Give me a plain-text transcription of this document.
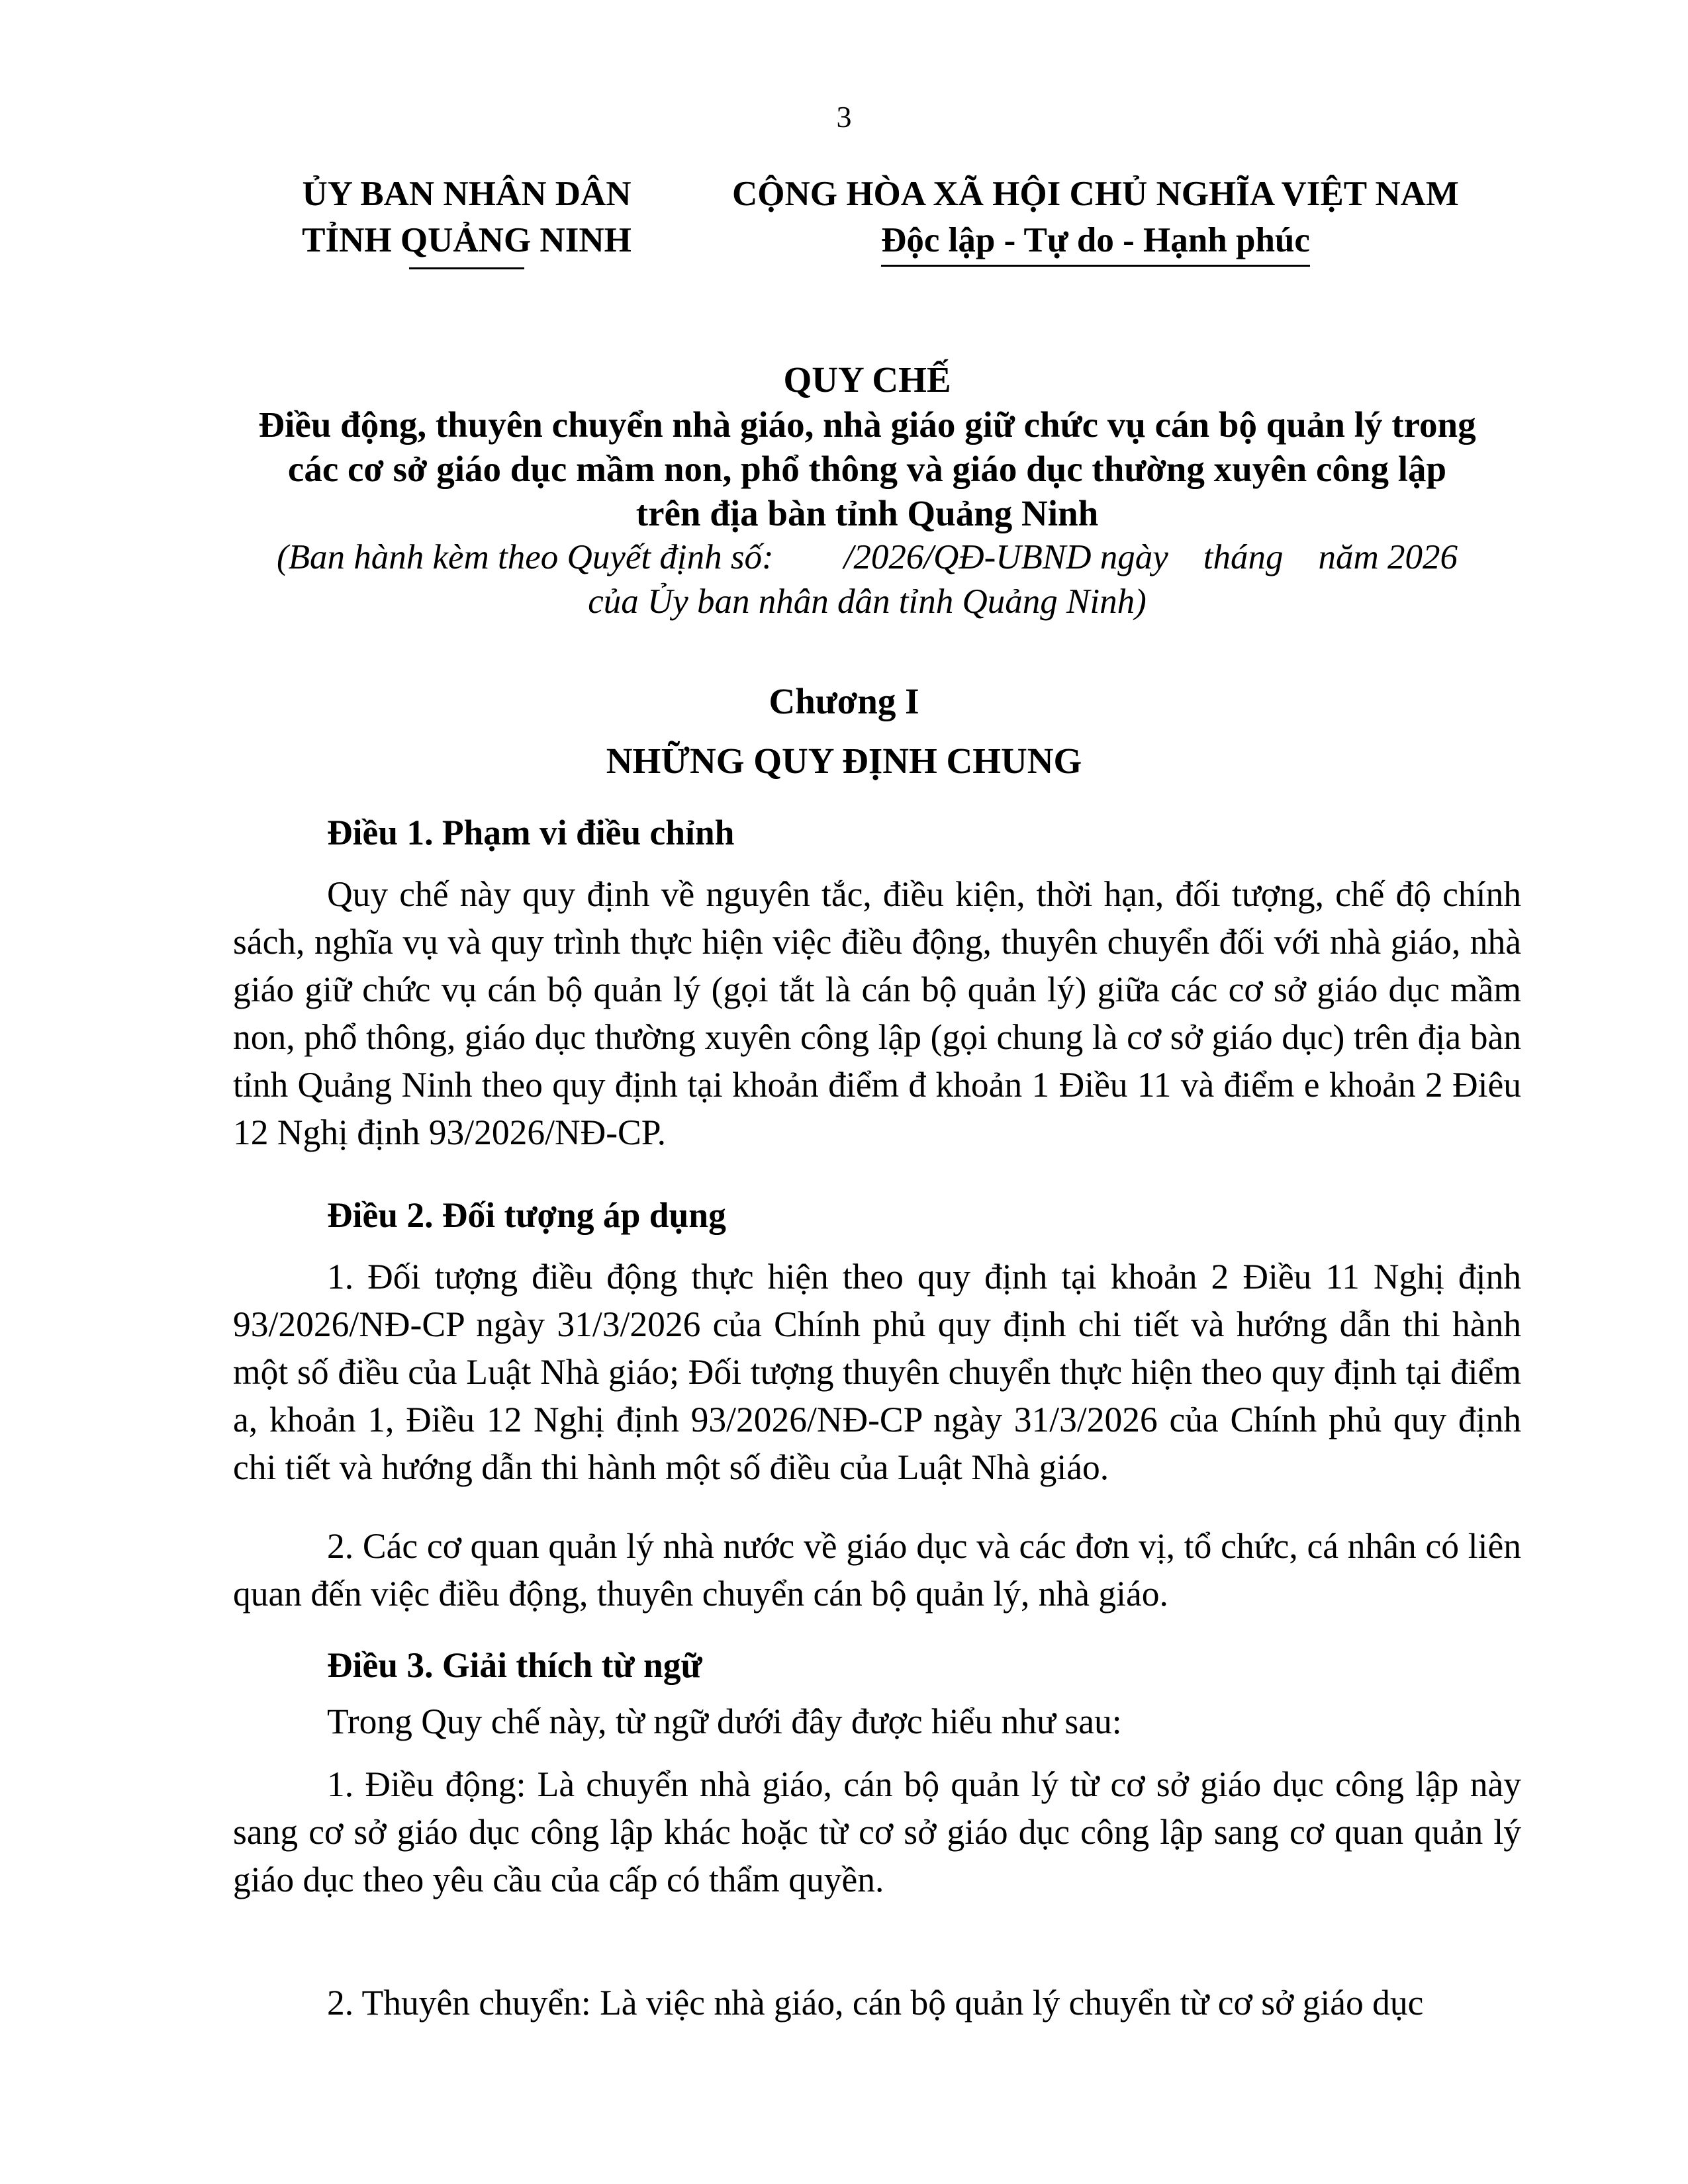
3
ỦY BAN NHÂN DÂN
TỈNH QUẢNG NINH
CỘNG HÒA XÃ HỘI CHỦ NGHĨA VIỆT NAM
Độc lập - Tự do - Hạnh phúc
QUY CHẾ

Điều động, thuyên chuyển nhà giáo, nhà giáo giữ chức vụ cán bộ quản lý trong

các cơ sở giáo dục mầm non, phổ thông và giáo dục thường xuyên công lập

trên địa bàn tỉnh Quảng Ninh

(Ban hành kèm theo Quyết định số:        /2026/QĐ-UBND ngày    tháng    năm 2026

của Ủy ban nhân dân tỉnh Quảng Ninh)

Chương I
NHỮNG QUY ĐỊNH CHUNG

Điều 1. Phạm vi điều chỉnh

Quy chế này quy định về nguyên tắc, điều kiện, thời hạn, đối tượng, chế độ chính sách, nghĩa vụ và quy trình thực hiện việc điều động, thuyên chuyển đối với nhà giáo, nhà giáo giữ chức vụ cán bộ quản lý (gọi tắt là cán bộ quản lý) giữa các cơ sở giáo dục mầm non, phổ thông, giáo dục thường xuyên công lập (gọi chung là cơ sở giáo dục) trên địa bàn tỉnh Quảng Ninh theo quy định tại khoản điểm đ khoản 1 Điều 11 và điểm e khoản 2 Điêu 12 Nghị định 93/2026/NĐ-CP.

Điều 2. Đối tượng áp dụng

1. Đối tượng điều động thực hiện theo quy định tại khoản 2 Điều 11 Nghị định 93/2026/NĐ-CP ngày 31/3/2026 của Chính phủ quy định chi tiết và hướng dẫn thi hành một số điều của Luật Nhà giáo; Đối tượng thuyên chuyển thực hiện theo quy định tại điểm a, khoản 1, Điều 12 Nghị định 93/2026/NĐ-CP ngày 31/3/2026 của Chính phủ quy định chi tiết và hướng dẫn thi hành một số điều của Luật Nhà giáo.

2. Các cơ quan quản lý nhà nước về giáo dục và các đơn vị, tổ chức, cá nhân có liên quan đến việc điều động, thuyên chuyển cán bộ quản lý, nhà giáo.

Điều 3. Giải thích từ ngữ

Trong Quy chế này, từ ngữ dưới đây được hiểu như sau:

1. Điều động: Là chuyển nhà giáo, cán bộ quản lý từ cơ sở giáo dục công lập này sang cơ sở giáo dục công lập khác hoặc từ cơ sở giáo dục công lập sang cơ quan quản lý giáo dục theo yêu cầu của cấp có thẩm quyền.

2. Thuyên chuyển: Là việc nhà giáo, cán bộ quản lý chuyển từ cơ sở giáo dục
